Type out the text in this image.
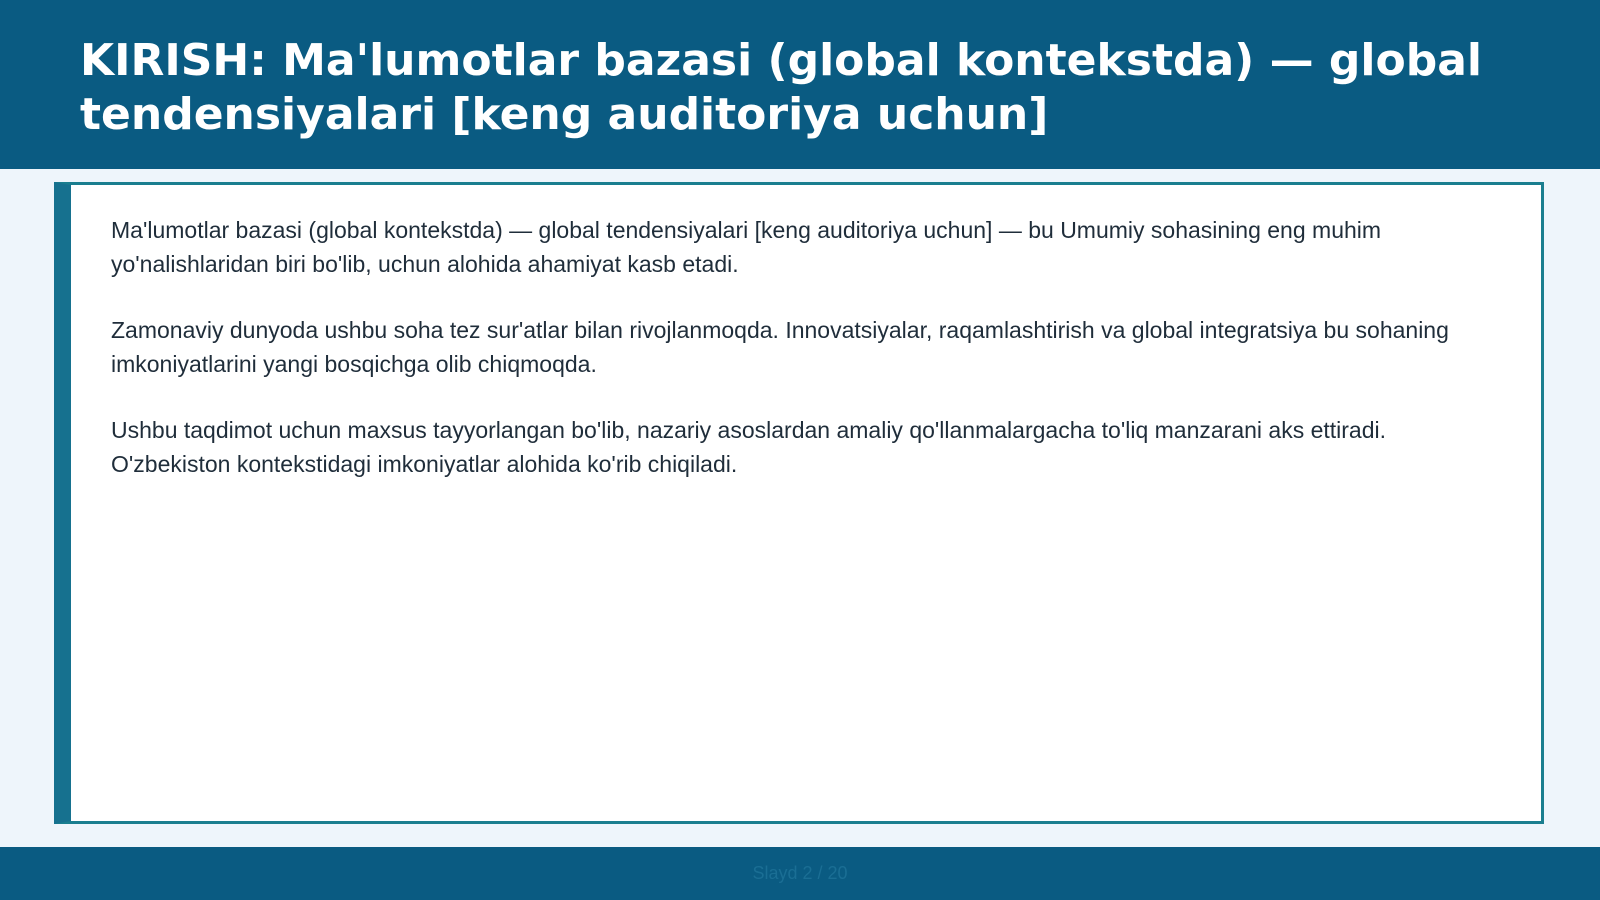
KIRISH: Ma'lumotlar bazasi (global kontekstda) — global tendensiyalari [keng auditoriya uchun]

Ma'lumotlar bazasi (global kontekstda) — global tendensiyalari [keng auditoriya uchun] — bu Umumiy sohasining eng muhim yo'nalishlaridan biri bo'lib, uchun alohida ahamiyat kasb etadi.

Zamonaviy dunyoda ushbu soha tez sur'atlar bilan rivojlanmoqda. Innovatsiyalar, raqamlashtirish va global integratsiya bu sohaning imkoniyatlarini yangi bosqichga olib chiqmoqda.

Ushbu taqdimot uchun maxsus tayyorlangan bo'lib, nazariy asoslardan amaliy qo'llanmalargacha to'liq manzarani aks ettiradi. O'zbekiston kontekstidagi imkoniyatlar alohida ko'rib chiqiladi.

Slayd 2 / 20
